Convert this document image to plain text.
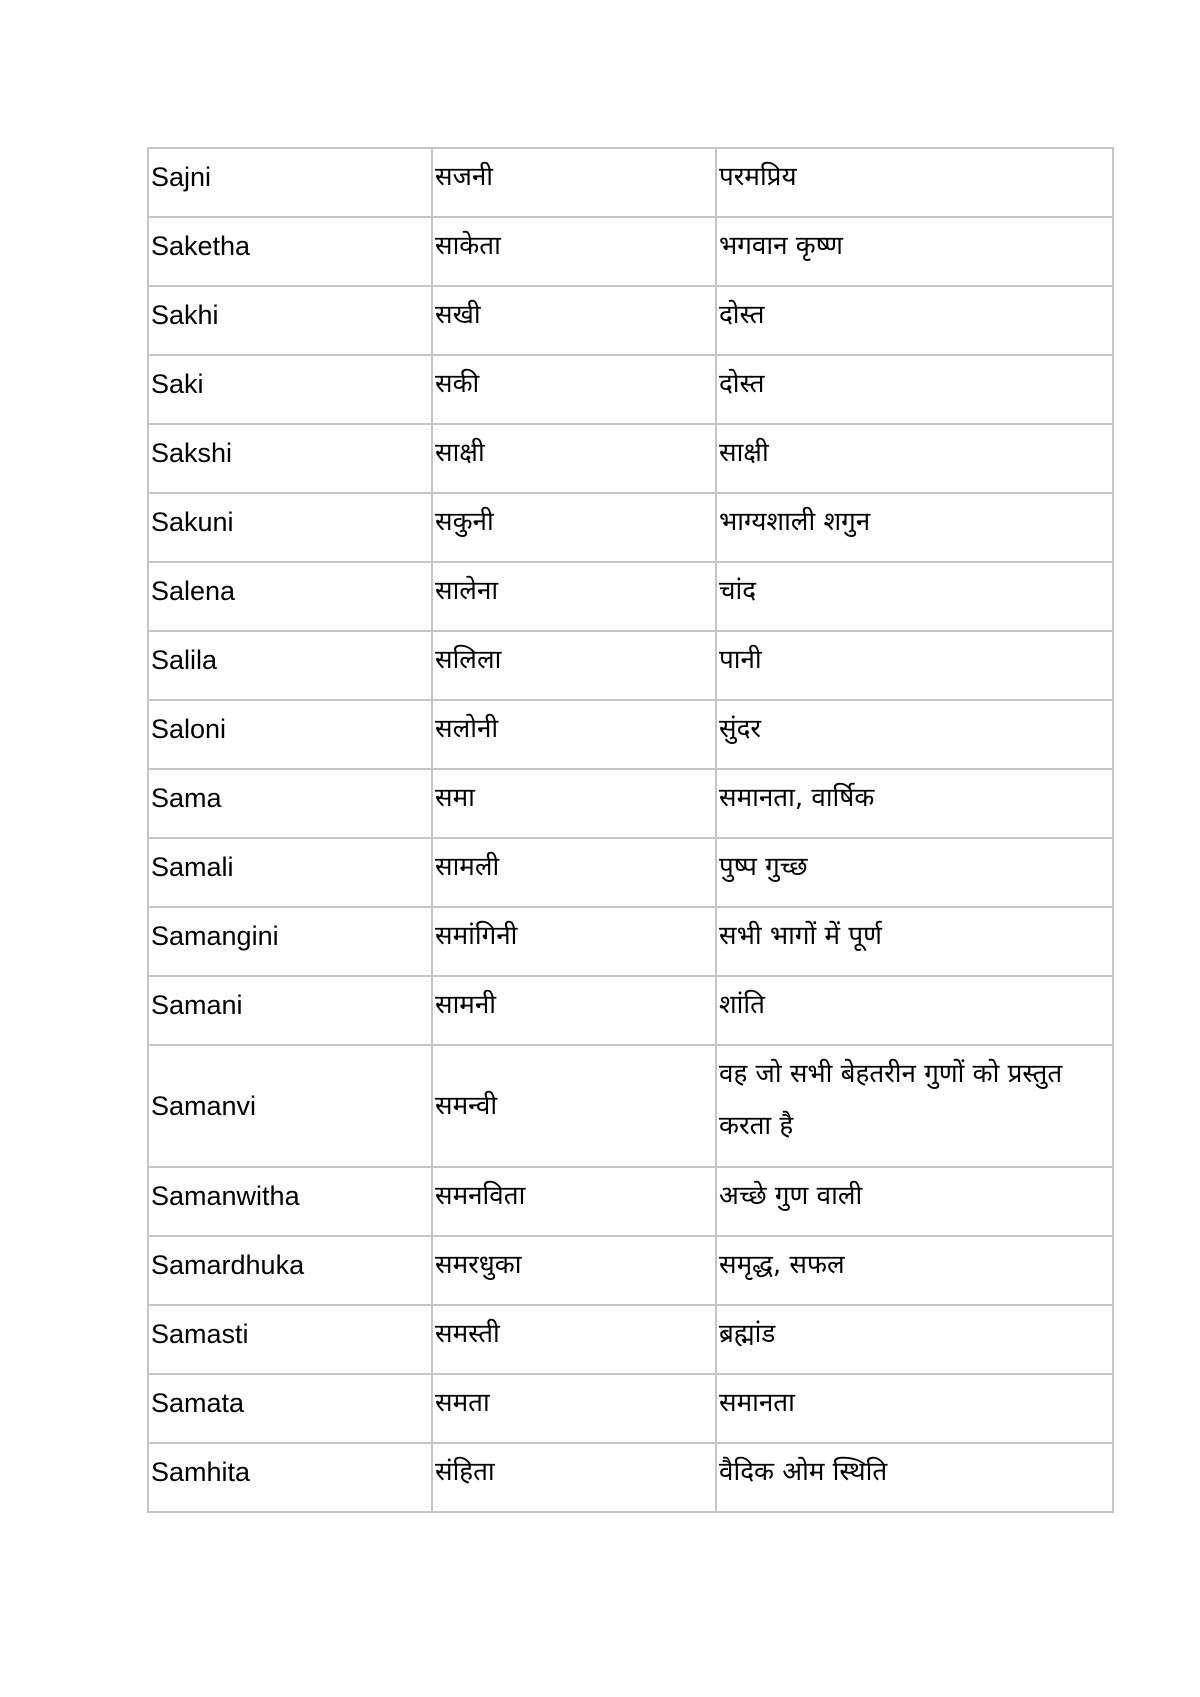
Sajni	सजनी	परमप्रिय
Saketha	साकेता	भगवान कृष्ण
Sakhi	सखी	दोस्त
Saki	सकी	दोस्त
Sakshi	साक्षी	साक्षी
Sakuni	सकुनी	भाग्यशाली शगुन
Salena	सालेना	चांद
Salila	सलिला	पानी
Saloni	सलोनी	सुंदर
Sama	समा	समानता, वार्षिक
Samali	सामली	पुष्प गुच्छ
Samangini	समांगिनी	सभी भागों में पूर्ण
Samani	सामनी	शांति
Samanvi	समन्वी	वह जो सभी बेहतरीन गुणों को प्रस्तुत करता है
Samanwitha	समनविता	अच्छे गुण वाली
Samardhuka	समरधुका	समृद्ध, सफल
Samasti	समस्ती	ब्रह्मांड
Samata	समता	समानता
Samhita	संहिता	वैदिक ओम स्थिति
